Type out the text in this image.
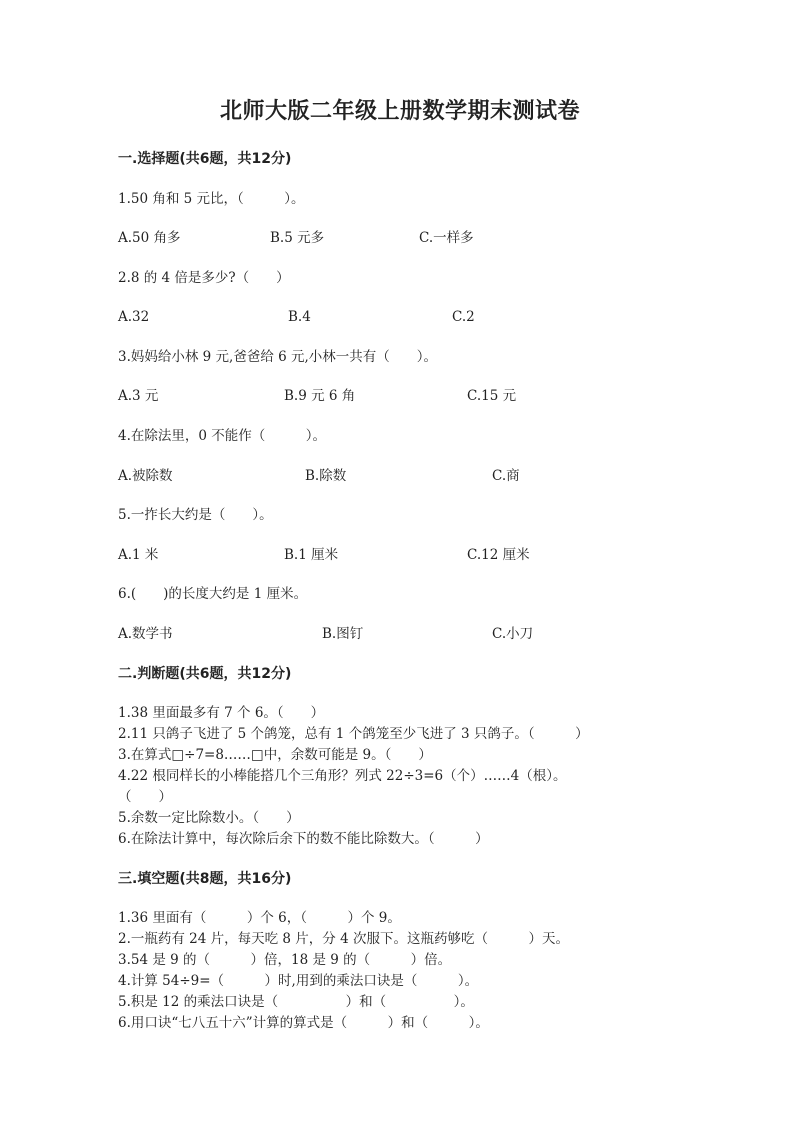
北师大版二年级上册数学期末测试卷
一.选择题(共6题，共12分)
1.50 角和 5 元比，（　　　）。
A.50 角多	B.5 元多	C.一样多
2.8 的 4 倍是多少?（　　）
A.32	B.4	C.2
3.妈妈给小林 9 元,爸爸给 6 元,小林一共有（　　）。
A.3 元	B.9 元 6 角	C.15 元
4.在除法里，0 不能作（　　　）。
A.被除数	B.除数	C.商
5.一拃长大约是（　　）。
A.1 米	B.1 厘米	C.12 厘米
6.(　　)的长度大约是 1 厘米。
A.数学书	B.图钉	C.小刀
二.判断题(共6题，共12分)
1.38 里面最多有 7 个 6。（　　）
2.11 只鸽子飞进了 5 个鸽笼，总有 1 个鸽笼至少飞进了 3 只鸽子。（　　　）
3.在算式□÷7=8……□中，余数可能是 9。（　　）
4.22 根同样长的小棒能搭几个三角形？列式 22÷3=6（个）……4（根）。
（　　）
5.余数一定比除数小。（　　）
6.在除法计算中，每次除后余下的数不能比除数大。（　　　）
三.填空题(共8题，共16分)
1.36 里面有（　　　）个 6，（　　　）个 9。
2.一瓶药有 24 片，每天吃 8 片，分 4 次服下。这瓶药够吃（　　　）天。
3.54 是 9 的（　　　）倍，18 是 9 的（　　　）倍。
4.计算 54÷9=（　　　）时,用到的乘法口诀是（　　　）。
5.积是 12 的乘法口诀是（　　　　　）和（　　　　　）。
6.用口诀“七八五十六”计算的算式是（　　　）和（　　　）。
